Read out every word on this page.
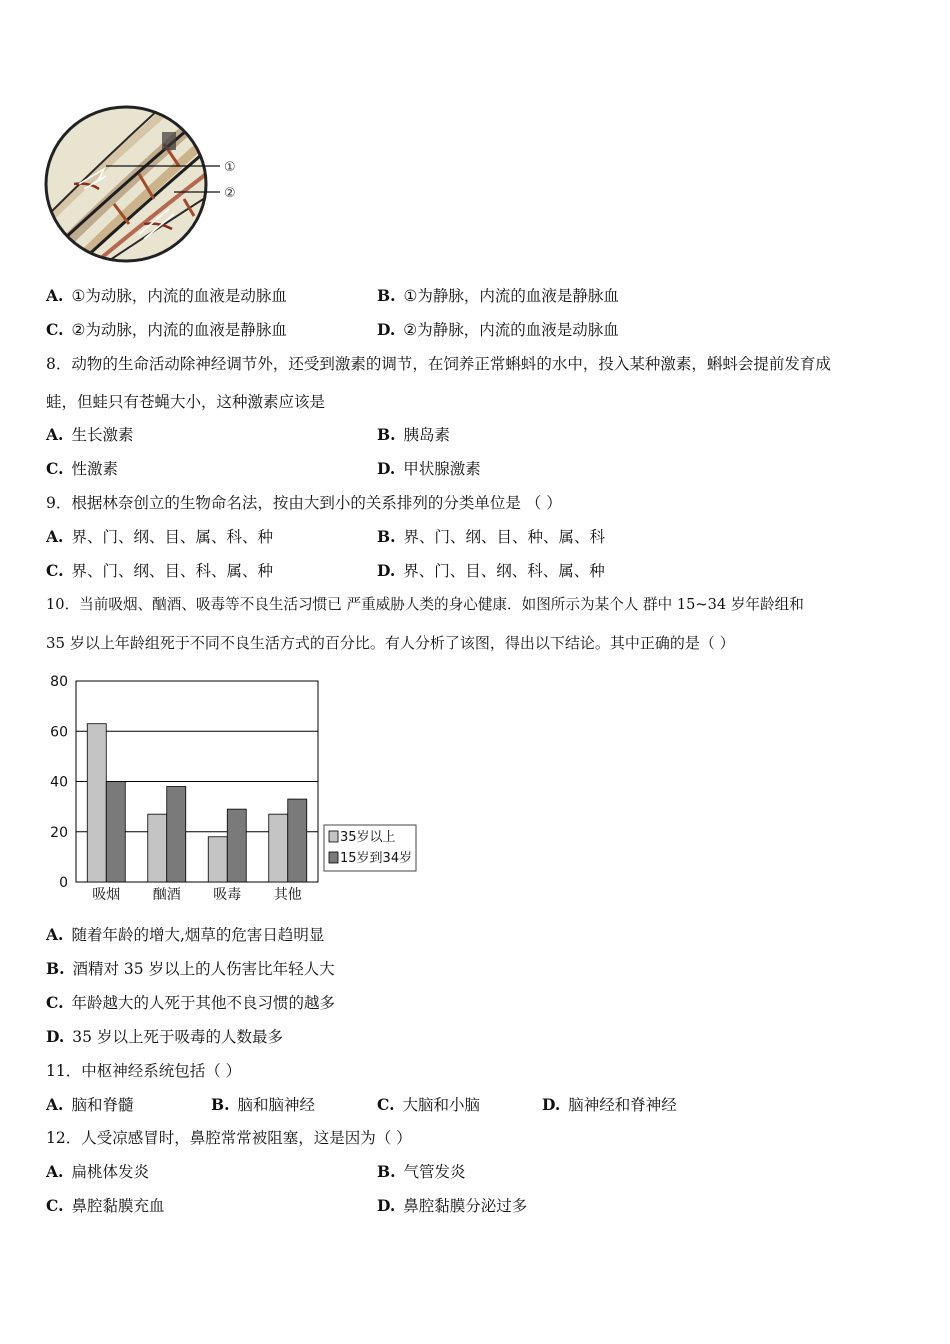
①
②
A. ①为动脉，内流的血液是动脉血	B. ①为静脉，内流的血液是静脉血
C. ②为动脉，内流的血液是静脉血	D. ②为静脉，内流的血液是动脉血
8．动物的生命活动除神经调节外，还受到激素的调节，在饲养正常蝌蚪的水中，投入某种激素，蝌蚪会提前发育成
蛙，但蛙只有苍蝇大小，这种激素应该是
A. 生长激素	B. 胰岛素
C. 性激素	D. 甲状腺激素
9．根据林奈创立的生物命名法，按由大到小的关系排列的分类单位是 （ ）
A. 界、门、纲、目、属、科、种	B. 界、门、纲、目、种、属、科
C. 界、门、纲、目、科、属、种	D. 界、门、目、纲、科、属、种
10．当前吸烟、酗酒、吸毒等不良生活习惯已 严重威胁人类的身心健康．如图所示为某个人 群中 15~34 岁年龄组和
35 岁以上年龄组死于不同不良生活方式的百分比。有人分析了该图，得出以下结论。其中正确的是（ ）
0
20
40
60
80
吸烟 酗酒 吸毒 其他
35岁以上
15岁到34岁
A. 随着年龄的增大,烟草的危害日趋明显
B. 酒精对 35 岁以上的人伤害比年轻人大
C. 年龄越大的人死于其他不良习惯的越多
D. 35 岁以上死于吸毒的人数最多
11．中枢神经系统包括（ ）
A. 脑和脊髓	B. 脑和脑神经	C. 大脑和小脑	D. 脑神经和脊神经
12．人受凉感冒时，鼻腔常常被阻塞，这是因为（ ）
A. 扁桃体发炎	B. 气管发炎
C. 鼻腔黏膜充血	D. 鼻腔黏膜分泌过多
